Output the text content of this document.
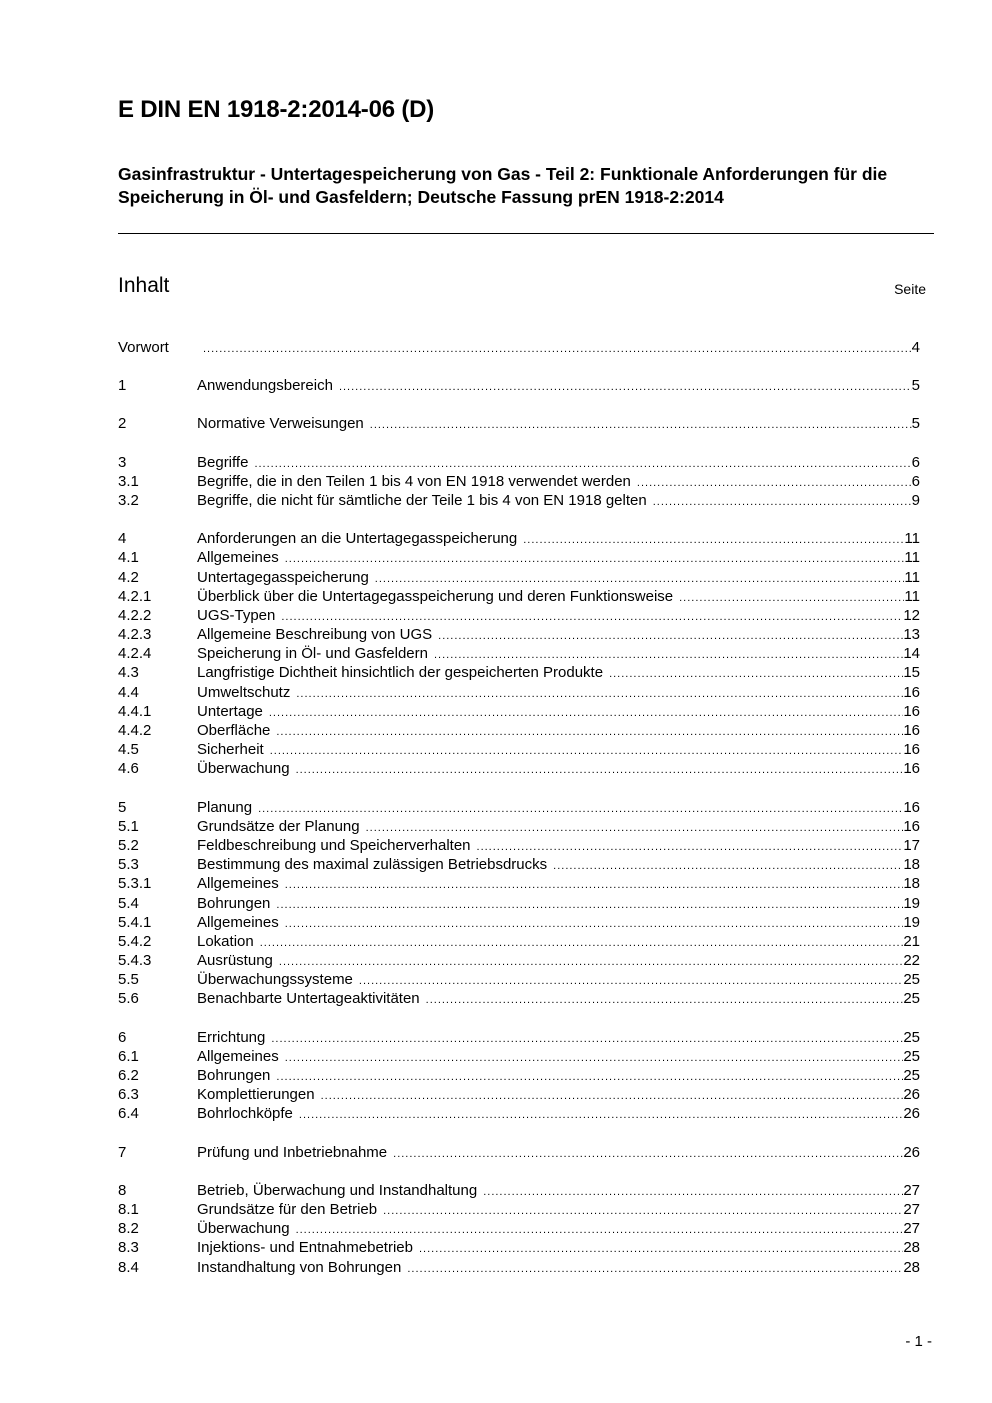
E DIN EN 1918-2:2014-06 (D)
Gasinfrastruktur - Untertagespeicherung von Gas - Teil 2: Funktionale Anforderungen für die Speicherung in Öl- und Gasfeldern; Deutsche Fassung prEN 1918-2:2014
Inhalt	Seite
Vorwort .....	4
1	Anwendungsbereich .....	5
2	Normative Verweisungen .....	5
3	Begriffe .....	6
3.1	Begriffe, die in den Teilen 1 bis 4 von EN 1918 verwendet werden .....	6
3.2	Begriffe, die nicht für sämtliche der Teile 1 bis 4 von EN 1918 gelten .....	9
4	Anforderungen an die Untertagegasspeicherung .....	11
4.1	Allgemeines .....	11
4.2	Untertagegasspeicherung .....	11
4.2.1	Überblick über die Untertagegasspeicherung und deren Funktionsweise .....	11
4.2.2	UGS-Typen .....	12
4.2.3	Allgemeine Beschreibung von UGS .....	13
4.2.4	Speicherung in Öl- und Gasfeldern .....	14
4.3	Langfristige Dichtheit hinsichtlich der gespeicherten Produkte .....	15
4.4	Umweltschutz .....	16
4.4.1	Untertage .....	16
4.4.2	Oberfläche .....	16
4.5	Sicherheit .....	16
4.6	Überwachung .....	16
5	Planung .....	16
5.1	Grundsätze der Planung .....	16
5.2	Feldbeschreibung und Speicherverhalten .....	17
5.3	Bestimmung des maximal zulässigen Betriebsdrucks .....	18
5.3.1	Allgemeines .....	18
5.4	Bohrungen .....	19
5.4.1	Allgemeines .....	19
5.4.2	Lokation .....	21
5.4.3	Ausrüstung .....	22
5.5	Überwachungssysteme .....	25
5.6	Benachbarte Untertageaktivitäten .....	25
6	Errichtung .....	25
6.1	Allgemeines .....	25
6.2	Bohrungen .....	25
6.3	Komplettierungen .....	26
6.4	Bohrlochköpfe .....	26
7	Prüfung und Inbetriebnahme .....	26
8	Betrieb, Überwachung und Instandhaltung .....	27
8.1	Grundsätze für den Betrieb .....	27
8.2	Überwachung .....	27
8.3	Injektions- und Entnahmebetrieb .....	28
8.4	Instandhaltung von Bohrungen .....	28
- 1 -
